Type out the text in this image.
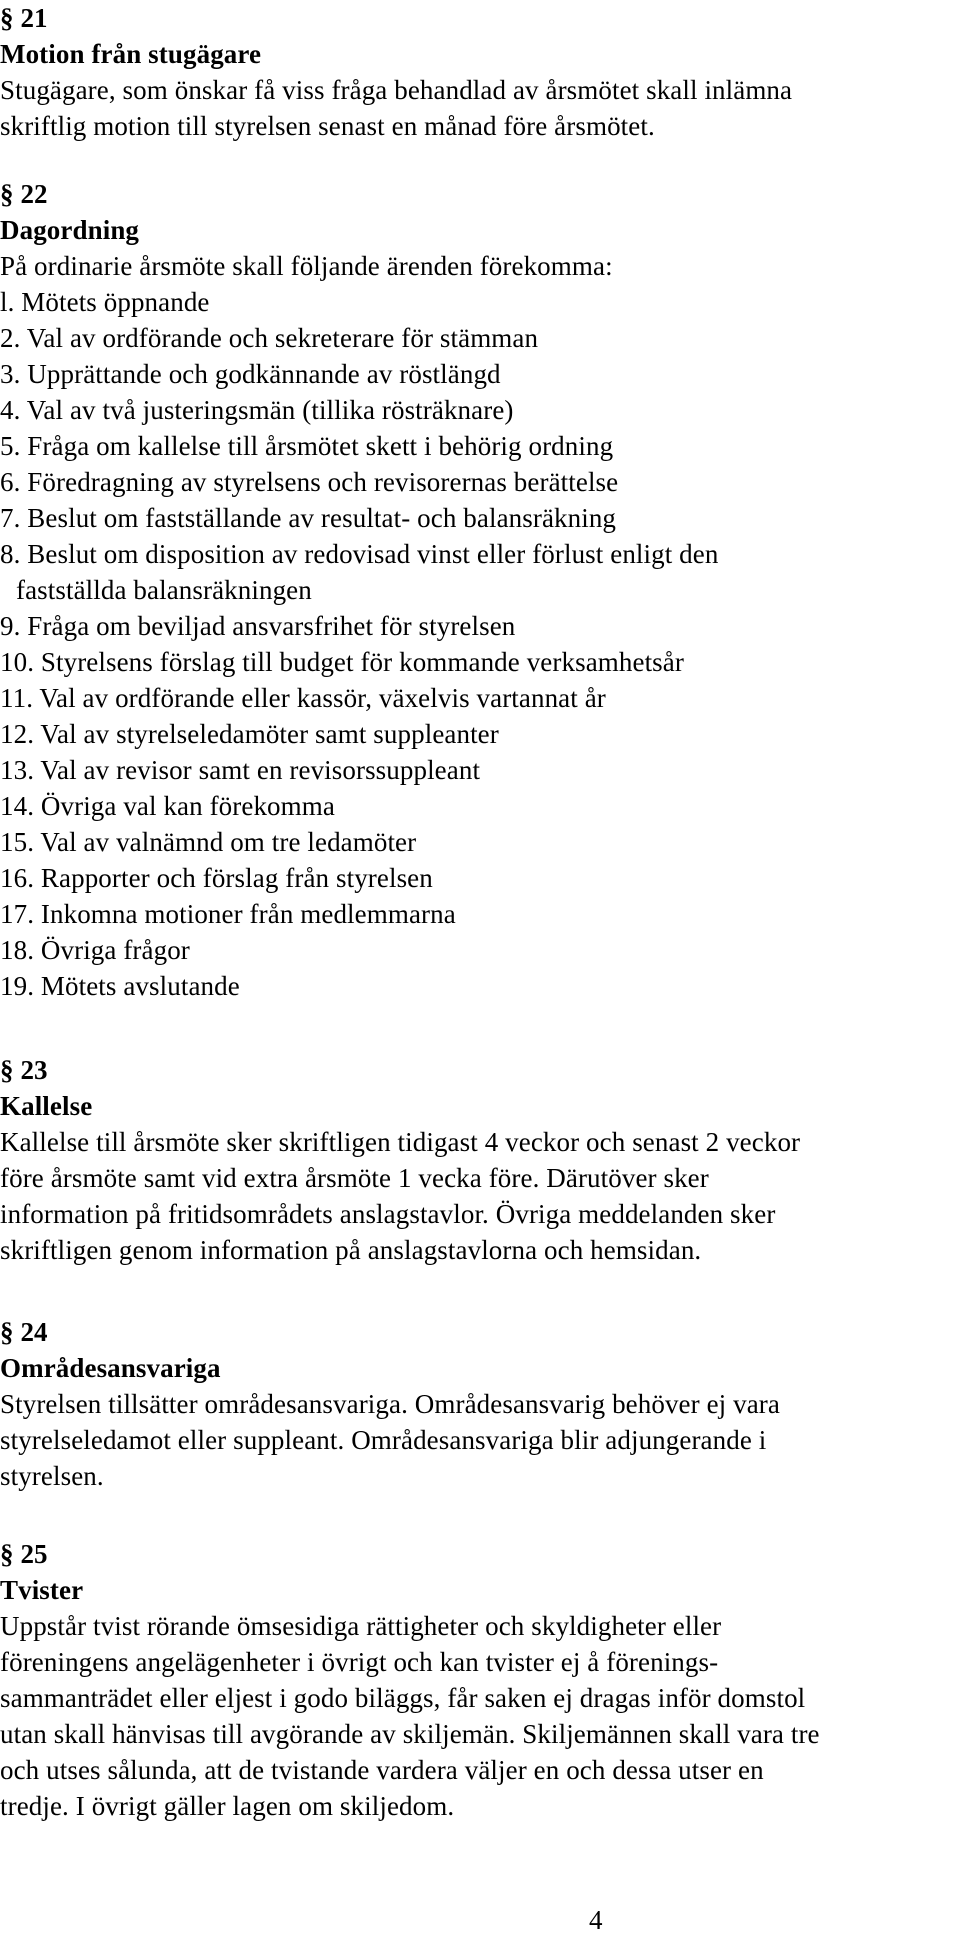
§ 21
Motion från stugägare
Stugägare, som önskar få viss fråga behandlad av årsmötet skall inlämna
skriftlig motion till styrelsen senast en månad före årsmötet.
§ 22
Dagordning
På ordinarie årsmöte skall följande ärenden förekomma:
l. Mötets öppnande
2. Val av ordförande och sekreterare för stämman
3. Upprättande och godkännande av röstlängd
4. Val av två justeringsmän (tillika rösträknare)
5. Fråga om kallelse till årsmötet skett i behörig ordning
6. Föredragning av styrelsens och revisorernas berättelse
7. Beslut om fastställande av resultat- och balansräkning
8. Beslut om disposition av redovisad vinst eller förlust enligt den
fastställda balansräkningen
9. Fråga om beviljad ansvarsfrihet för styrelsen
10. Styrelsens förslag till budget för kommande verksamhetsår
11. Val av ordförande eller kassör, växelvis vartannat år
12. Val av styrelseledamöter samt suppleanter
13. Val av revisor samt en revisorssuppleant
14. Övriga val kan förekomma
15. Val av valnämnd om tre ledamöter
16. Rapporter och förslag från styrelsen
17. Inkomna motioner från medlemmarna
18. Övriga frågor
19. Mötets avslutande
§ 23
Kallelse
Kallelse till årsmöte sker skriftligen tidigast 4 veckor och senast 2 veckor
före årsmöte samt vid extra årsmöte 1 vecka före. Därutöver sker
information på fritidsområdets anslagstavlor. Övriga meddelanden sker
skriftligen genom information på anslagstavlorna och hemsidan.
§ 24
Områdesansvariga
Styrelsen tillsätter områdesansvariga. Områdesansvarig behöver ej vara
styrelseledamot eller suppleant. Områdesansvariga blir adjungerande i
styrelsen.
§ 25
Tvister
Uppstår tvist rörande ömsesidiga rättigheter och skyldigheter eller
föreningens angelägenheter i övrigt och kan tvister ej å förenings-
sammanträdet eller eljest i godo biläggs, får saken ej dragas inför domstol
utan skall hänvisas till avgörande av skiljemän. Skiljemännen skall vara tre
och utses sålunda, att de tvistande vardera väljer en och dessa utser en
tredje. I övrigt gäller lagen om skiljedom.
4
